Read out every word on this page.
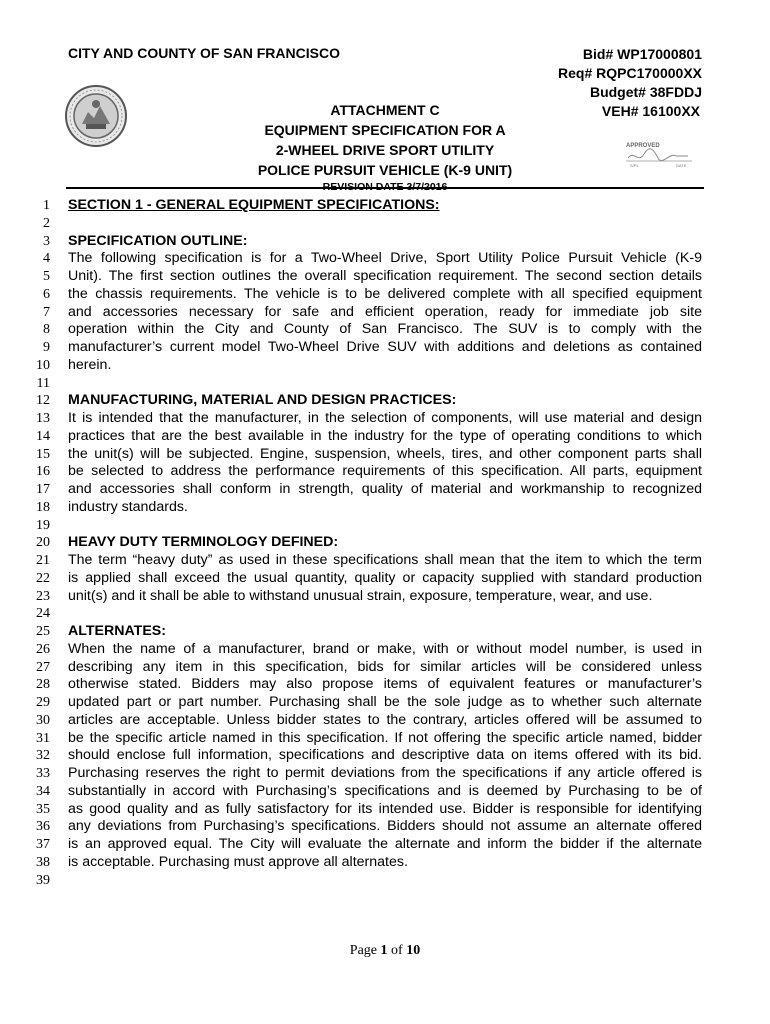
CITY AND COUNTY OF SAN FRANCISCO	Bid# WP17000801
Req# RQPC170000XX
Budget# 38FDDJ
VEH# 16100XX
ATTACHMENT C
EQUIPMENT SPECIFICATION FOR A
2-WHEEL DRIVE SPORT UTILITY
POLICE PURSUIT VEHICLE (K-9 UNIT)
REVISION DATE 3/7/2016
APPROVED
S/PL	DATE
1 SECTION 1 - GENERAL EQUIPMENT SPECIFICATIONS:
2
3 SPECIFICATION OUTLINE:
4 The following specification is for a Two-Wheel Drive, Sport Utility Police Pursuit Vehicle (K-9
5 Unit). The first section outlines the overall specification requirement. The second section details
6 the chassis requirements. The vehicle is to be delivered complete with all specified equipment
7 and accessories necessary for safe and efficient operation, ready for immediate job site
8 operation within the City and County of San Francisco. The SUV is to comply with the
9 manufacturer’s current model Two-Wheel Drive SUV with additions and deletions as contained
10 herein.
11
12 MANUFACTURING, MATERIAL AND DESIGN PRACTICES:
13 It is intended that the manufacturer, in the selection of components, will use material and design
14 practices that are the best available in the industry for the type of operating conditions to which
15 the unit(s) will be subjected. Engine, suspension, wheels, tires, and other component parts shall
16 be selected to address the performance requirements of this specification. All parts, equipment
17 and accessories shall conform in strength, quality of material and workmanship to recognized
18 industry standards.
19
20 HEAVY DUTY TERMINOLOGY DEFINED:
21 The term “heavy duty” as used in these specifications shall mean that the item to which the term
22 is applied shall exceed the usual quantity, quality or capacity supplied with standard production
23 unit(s) and it shall be able to withstand unusual strain, exposure, temperature, wear, and use.
24
25 ALTERNATES:
26 When the name of a manufacturer, brand or make, with or without model number, is used in
27 describing any item in this specification, bids for similar articles will be considered unless
28 otherwise stated. Bidders may also propose items of equivalent features or manufacturer’s
29 updated part or part number. Purchasing shall be the sole judge as to whether such alternate
30 articles are acceptable. Unless bidder states to the contrary, articles offered will be assumed to
31 be the specific article named in this specification. If not offering the specific article named, bidder
32 should enclose full information, specifications and descriptive data on items offered with its bid.
33 Purchasing reserves the right to permit deviations from the specifications if any article offered is
34 substantially in accord with Purchasing’s specifications and is deemed by Purchasing to be of
35 as good quality and as fully satisfactory for its intended use. Bidder is responsible for identifying
36 any deviations from Purchasing’s specifications. Bidders should not assume an alternate offered
37 is an approved equal. The City will evaluate the alternate and inform the bidder if the alternate
38 is acceptable. Purchasing must approve all alternates.
39
Page 1 of 10
